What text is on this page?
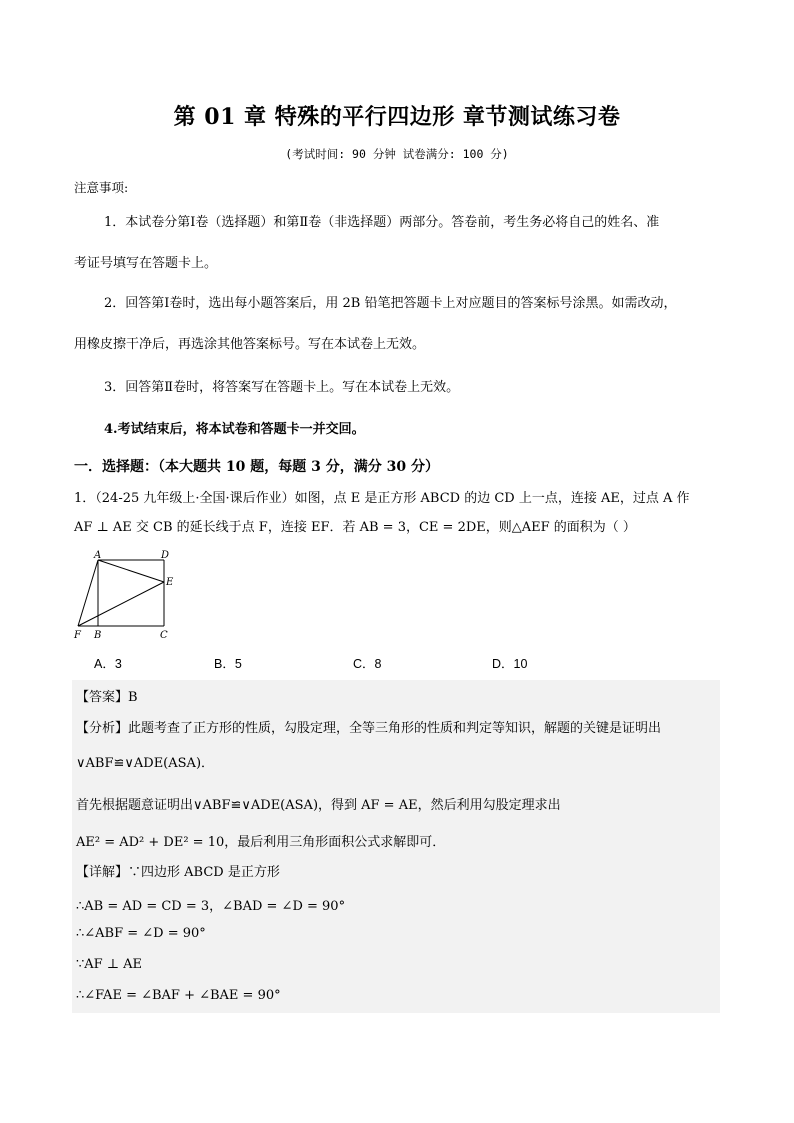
第 01 章 特殊的平行四边形 章节测试练习卷
(考试时间: 90 分钟 试卷满分: 100 分)
注意事项:
1．本试卷分第Ⅰ卷（选择题）和第Ⅱ卷（非选择题）两部分。答卷前，考生务必将自己的姓名、准
考证号填写在答题卡上。
2．回答第Ⅰ卷时，选出每小题答案后，用 2B 铅笔把答题卡上对应题目的答案标号涂黑。如需改动，
用橡皮擦干净后，再选涂其他答案标号。写在本试卷上无效。
3．回答第Ⅱ卷时，将答案写在答题卡上。写在本试卷上无效。
4.考试结束后，将本试卷和答题卡一并交回。
一．选择题：（本大题共 10 题，每题 3 分，满分 30 分）
1．（24-25 九年级上·全国·课后作业）如图，点 E 是正方形 ABCD 的边 CD 上一点，连接 AE，过点 A 作
AF ⊥ AE 交 CB 的延长线于点 F，连接 EF．若 AB = 3，CE = 2DE，则△AEF 的面积为（ ）
A	D
E
F B	C
A．3	B．5	C．8	D．10
【答案】B
【分析】此题考查了正方形的性质，勾股定理，全等三角形的性质和判定等知识，解题的关键是证明出
∨ABF≌∨ADE(ASA)．
首先根据题意证明出∨ABF≌∨ADE(ASA)，得到 AF = AE，然后利用勾股定理求出
AE² = AD² + DE² = 10，最后利用三角形面积公式求解即可．
【详解】∵四边形 ABCD 是正方形
∴AB = AD = CD = 3，∠BAD = ∠D = 90°
∴∠ABF = ∠D = 90°
∵AF ⊥ AE
∴∠FAE = ∠BAF + ∠BAE = 90°
